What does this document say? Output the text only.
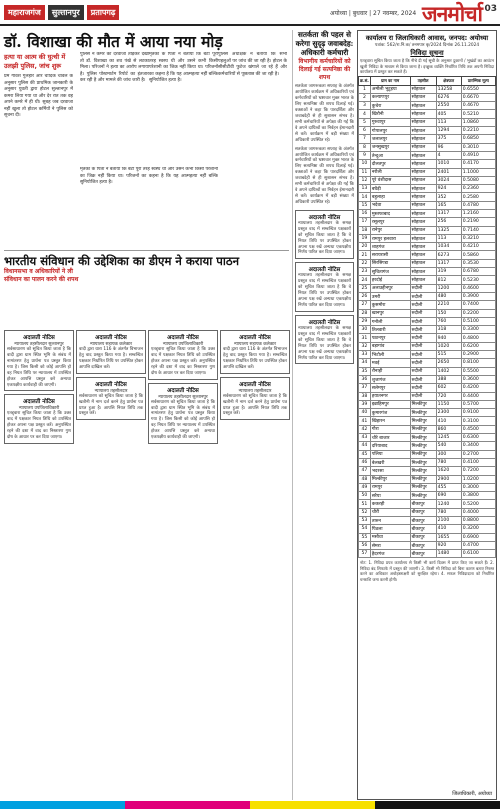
महाराजगंज	सुल्तानपुर	प्रतापगढ़	अयोध्या | बुधवार | 27 नवम्बर, 2024 जनमोर्चा 03
डॉ. विशाखा की मौत में आया नया मोड़
प्रेम गांवेश गुलहार और चांदिक चावल के अनुसार पुलिस की प्राथमिक जानकारी के अनुसार युवती द्वारा होटल सुल्तानपुर में कमरा लिया गया था और देर रात तक वह अपने कमरे में ही थी। सुबह जब दरवाजा नहीं खुला तो होटल कर्मियों ने पुलिस को सूचना दी।
पुलिस अधीक्षक ने बताया कि सभी पहलुओं पर जांच की जा रही है। होटल के सीसीटीवी फुटेज खंगाले जा रहे हैं और कर्मचारियों से पूछताछ की जा रही है।
पुलिस ने कमरे का दरवाजा तोड़कर देखा तो डॉ. विशाखा का शव पंखे से लटका मिला। परिजनों ने हत्या का आरोप लगाया है। पुलिस पोस्टमार्टम रिपोर्ट का इंतजार कर रही है और मामले की जांच जारी है।
मृतका के पिता ने बताया कि बेटी पूरी तरह स्वस्थ थी और उसने कभी किसी परेशानी का जिक्र नहीं किया था। परिजनों का कहना है कि यह आत्महत्या नहीं बल्कि सुनियोजित हत्या है।
मृतका के पिता ने बताया कि बेटी पूरी तरह स्वस्थ थी और उसने कभी किसी परेशानी का जिक्र नहीं किया था। परिजनों का कहना है कि यह आत्महत्या नहीं बल्कि सुनियोजित हत्या है।
हत्या या आत्म की घुत्थी में उलझी पुलिस, जांच शुरू
भारतीय संविधान की उद्देशिका का डीएम ने कराया पाठन
विधानसभा व अधिकारियों ने ली संविधान का पालन करने की शपथ
अदालती नोटिस
न्यायालय तहसीलदार सुल्तानपुर
सर्वसाधारण को सूचित किया जाता है कि वादी द्वारा ग्राम स्थित भूमि के संबंध में नामांतरण हेतु प्रार्थना पत्र प्रस्तुत किया गया है। जिस किसी को कोई आपत्ति हो वह नियत तिथि पर न्यायालय में उपस्थित होकर आपत्ति प्रस्तुत करे अन्यथा एकपक्षीय कार्यवाही की जाएगी।
अदालती नोटिस
न्यायालय उपजिलाधिकारी
एतद्द्वारा सूचित किया जाता है कि उक्त वाद में पक्षकार नियत तिथि को उपस्थित होकर अपना पक्ष प्रस्तुत करें। अनुपस्थित रहने की दशा में वाद का निस्तारण गुण दोष के आधार पर कर दिया जाएगा।
अदालती नोटिस
न्यायालय सहायक कलेक्टर
वादी द्वारा धारा 116 के अंतर्गत विभाजन हेतु वाद प्रस्तुत किया गया है। सम्बन्धित पक्षकार निर्धारित तिथि पर उपस्थित होकर आपत्ति दाखिल करें।
अदालती नोटिस
न्यायालय तहसीलदार
सर्वसाधारण को सूचित किया जाता है कि खतौनी में नाम दर्ज करने हेतु प्रार्थना पत्र प्राप्त हुआ है। आपत्ति नियत तिथि तक प्रस्तुत करें।
अदालती नोटिस
न्यायालय उपजिलाधिकारी
एतद्द्वारा सूचित किया जाता है कि उक्त वाद में पक्षकार नियत तिथि को उपस्थित होकर अपना पक्ष प्रस्तुत करें। अनुपस्थित रहने की दशा में वाद का निस्तारण गुण दोष के आधार पर कर दिया जाएगा।
अदालती नोटिस
न्यायालय तहसीलदार सुल्तानपुर
सर्वसाधारण को सूचित किया जाता है कि वादी द्वारा ग्राम स्थित भूमि के संबंध में नामांतरण हेतु प्रार्थना पत्र प्रस्तुत किया गया है। जिस किसी को कोई आपत्ति हो वह नियत तिथि पर न्यायालय में उपस्थित होकर आपत्ति प्रस्तुत करे अन्यथा एकपक्षीय कार्यवाही की जाएगी।
अदालती नोटिस
न्यायालय सहायक कलेक्टर
वादी द्वारा धारा 116 के अंतर्गत विभाजन हेतु वाद प्रस्तुत किया गया है। सम्बन्धित पक्षकार निर्धारित तिथि पर उपस्थित होकर आपत्ति दाखिल करें।
अदालती नोटिस
न्यायालय तहसीलदार
सर्वसाधारण को सूचित किया जाता है कि खतौनी में नाम दर्ज करने हेतु प्रार्थना पत्र प्राप्त हुआ है। आपत्ति नियत तिथि तक प्रस्तुत करें।
सतर्कता की पहल से करेगा सुदृढ़ जवाबदेह: अधिकारी कर्मचारी
विभागीय कर्मचारियों को दिलाई गई सत्यनिष्ठा की शपथ
सतर्कता जागरूकता सप्ताह के अंतर्गत आयोजित कार्यक्रम में अधिकारियों एवं कर्मचारियों को भ्रष्टाचार मुक्त भारत के लिए सत्यनिष्ठा की शपथ दिलाई गई। वक्ताओं ने कहा कि पारदर्शिता और जवाबदेही से ही सुशासन संभव है। सभी कर्मचारियों से अपेक्षा की गई कि वे अपने दायित्वों का निर्वहन ईमानदारी से करें। कार्यक्रम में बड़ी संख्या में अधिकारी उपस्थित रहे।
सतर्कता जागरूकता सप्ताह के अंतर्गत आयोजित कार्यक्रम में अधिकारियों एवं कर्मचारियों को भ्रष्टाचार मुक्त भारत के लिए सत्यनिष्ठा की शपथ दिलाई गई। वक्ताओं ने कहा कि पारदर्शिता और जवाबदेही से ही सुशासन संभव है। सभी कर्मचारियों से अपेक्षा की गई कि वे अपने दायित्वों का निर्वहन ईमानदारी से करें। कार्यक्रम में बड़ी संख्या में अधिकारी उपस्थित रहे।
अदालती नोटिस
न्यायालय तहसीलदार के समक्ष प्रस्तुत वाद में सम्बन्धित पक्षकारों को सूचित किया जाता है कि वे नियत तिथि पर उपस्थित होकर अपना पक्ष रखें अन्यथा एकपक्षीय निर्णय पारित कर दिया जाएगा।
अदालती नोटिस
न्यायालय तहसीलदार के समक्ष प्रस्तुत वाद में सम्बन्धित पक्षकारों को सूचित किया जाता है कि वे नियत तिथि पर उपस्थित होकर अपना पक्ष रखें अन्यथा एकपक्षीय निर्णय पारित कर दिया जाएगा।
अदालती नोटिस
न्यायालय तहसीलदार के समक्ष प्रस्तुत वाद में सम्बन्धित पक्षकारों को सूचित किया जाता है कि वे नियत तिथि पर उपस्थित होकर अपना पक्ष रखें अन्यथा एकपक्षीय निर्णय पारित कर दिया जाएगा।
कार्यालय रा जिलाधिकारी आवास, जनपद: अयोध्या
पत्रांक: 562/रा.नि.क/ तनमपार कृ/2024 दिनांक 26.11.2024
निविदा सूचना
एतद्द्वारा सूचित किया जाता है कि नीचे दी गई सूची के अनुसार दुकानों / भूखंडों का आवंटन खुली निविदा के माध्यम से किया जाना है। इच्छुक व्यक्ति निर्धारित तिथि तक अपनी निविदा कार्यालय में प्रस्तुत कर सकते हैं।
क्र.सं.	ग्राम का नाम	तहसील	क्षेत्रफल	प्रारम्भिक मूल्य
1	अमौली भुटुइया	सोहावल	13258	0.6550
2	कल्याणपुर	सोहावल	6276	0.6670
3	कुचेरा	सोहावल	2550	0.4670
4	खिरौनी	सोहावल	405	0.5210
5	गुरुवापुर	सोहावल	113	1.0860
6	गोपालपुर	सोहावल	1294	0.2210
7	जलालपुर	सोहावल	375	0.6850
8	जनसुखपुर	सोहावल	96	0.3010
9	तेन्दुआ	सोहावल	4	0.4910
10	दौलतपुर	सोहावल	1010	0.4170
11	नरौली	सोहावल	2401	1.1000
12	पूरे वंशीदास	सोहावल	3024	0.5080
13	बघैड़ी	सोहावल	924	0.2360
14	बहुलाहा	सोहावल	352	0.2580
15	भदेवा	सोहावल	165	0.4780
16	मुस्तफाबाद	सोहावल	1317	1.2160
17	रसूलपुर	सोहावल	256	0.2190
18	रानेपुर	सोहावल	1325	0.7140
19	रामपुर हलवारा	सोहावल	113	0.3210
20	शाहगंज	सोहावल	1034	0.4210
21	सरायरासी	सोहावल	6273	0.5860
22	सिरसिण्डा	सोहावल	1317	0.3530
23	सुचितागंज	सोहावल	319	0.6780
24	हरदोई	सोहावल	812	0.5230
25	अलाउद्दीनपुर	रुदौली	1200	0.4600
26	उमरी	रुदौली	480	0.3900
27	कुसमौरा	रुदौली	2210	0.7400
28	खानपुर	रुदौली	150	0.2200
29	गनौली	रुदौली	760	0.5100
30	तिलवारी	रुदौली	318	0.3300
31	पठानपुर	रुदौली	940	0.4800
32	बड़ागांव	रुदौली	1020	0.6200
33	भिटौली	रुदौली	515	0.2900
34	मवई	रुदौली	2650	0.8100
35	रौनाही	रुदौली	1402	0.5500
36	शुजागंज	रुदौली	388	0.3600
37	सलेमपुर	रुदौली	602	0.4200
38	हयातनगर	रुदौली	720	0.4400
39	इब्राहिमपुर	मिल्कीपुर	1150	0.5700
40	कुमारगंज	मिल्कीपुर	2300	0.9100
41	खिहारन	मिल्कीपुर	410	0.3100
42	गौरा	मिल्कीपुर	860	0.4500
43	चौरे बाजार	मिल्कीपुर	1245	0.6300
44	दरियाबाद	मिल्कीपुर	540	0.3400
45	पलिया	मिल्कीपुर	300	0.2700
46	बेलखरी	मिल्कीपुर	780	0.4100
47	भदरसा	मिल्कीपुर	1620	0.7200
48	मिल्कीपुर	मिल्कीपुर	2900	1.0200
49	रामपुर	मिल्कीपुर	455	0.3000
50	सरैया	मिल्कीपुर	690	0.3800
51	ककरही	बीकापुर	1240	0.5200
52	चौरी	बीकापुर	780	0.4000
53	तारुन	बीकापुर	2100	0.8800
54	पिठला	बीकापुर	410	0.3200
55	मसौधा	बीकापुर	1655	0.6900
56	सेमरा	बीकापुर	920	0.4700
57	हैदरगंज	बीकापुर	1480	0.6100
नोट: 1. निविदा प्रपत्र कार्यालय से किसी भी कार्य दिवस में प्राप्त किए जा सकते हैं। 2. निविदा बंद लिफाफे में प्रस्तुत की जाएगी। 3. किसी भी निविदा को बिना कारण बताए निरस्त करने का अधिकार अधोहस्ताक्षरी को सुरक्षित रहेगा। 4. सफल निविदादाता को निर्धारित धनराशि जमा करनी होगी।
जिलाधिकारी, अयोध्या
